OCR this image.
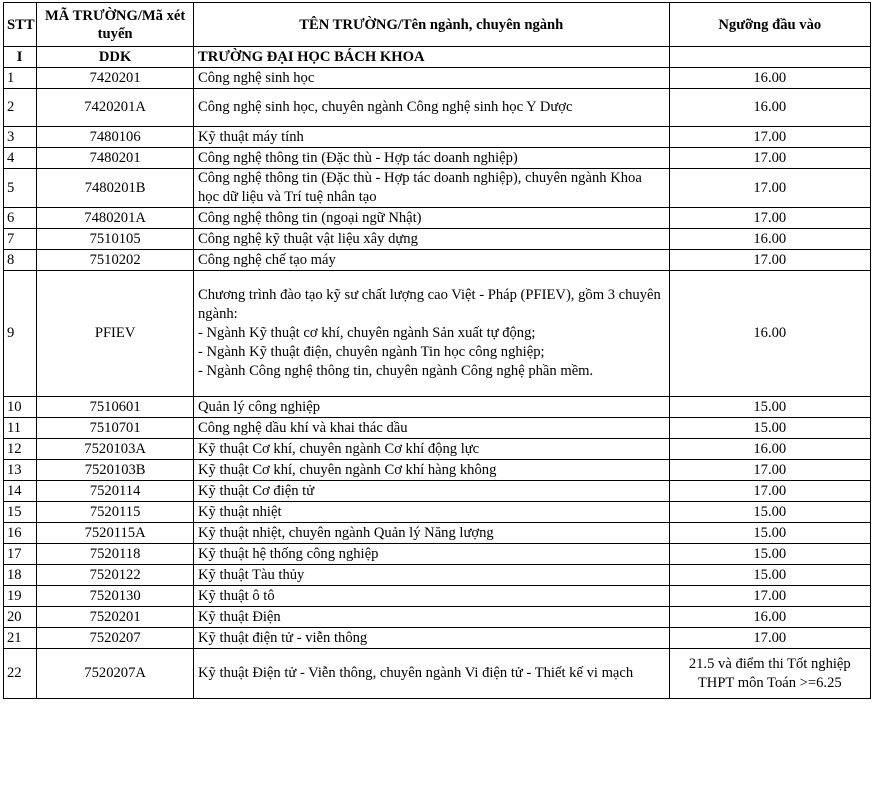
STT	MÃ TRƯỜNG/Mã xét tuyển	TÊN TRƯỜNG/Tên ngành, chuyên ngành	Ngưỡng đầu vào
I	DDK	TRƯỜNG ĐẠI HỌC BÁCH KHOA	
1	7420201	Công nghệ sinh học	16.00
2	7420201A	Công nghệ sinh học, chuyên ngành Công nghệ sinh học Y Dược	16.00
3	7480106	Kỹ thuật máy tính	17.00
4	7480201	Công nghệ thông tin (Đặc thù - Hợp tác doanh nghiệp)	17.00
5	7480201B	Công nghệ thông tin (Đặc thù - Hợp tác doanh nghiệp), chuyên ngành Khoa học dữ liệu và Trí tuệ nhân tạo	17.00
6	7480201A	Công nghệ thông tin (ngoại ngữ Nhật)	17.00
7	7510105	Công nghệ kỹ thuật vật liệu xây dựng	16.00
8	7510202	Công nghệ chế tạo máy	17.00
9	PFIEV	Chương trình đào tạo kỹ sư chất lượng cao Việt - Pháp (PFIEV), gồm 3 chuyên ngành:
- Ngành Kỹ thuật cơ khí, chuyên ngành Sản xuất tự động;
- Ngành Kỹ thuật điện, chuyên ngành Tin học công nghiệp;
- Ngành Công nghệ thông tin, chuyên ngành Công nghệ phần mềm.	16.00
10	7510601	Quản lý công nghiệp	15.00
11	7510701	Công nghệ dầu khí và khai thác dầu	15.00
12	7520103A	Kỹ thuật Cơ khí, chuyên ngành Cơ khí động lực	16.00
13	7520103B	Kỹ thuật Cơ khí, chuyên ngành Cơ khí hàng không	17.00
14	7520114	Kỹ thuật Cơ điện tử	17.00
15	7520115	Kỹ thuật nhiệt	15.00
16	7520115A	Kỹ thuật nhiệt, chuyên ngành Quản lý Năng lượng	15.00
17	7520118	Kỹ thuật hệ thống công nghiệp	15.00
18	7520122	Kỹ thuật Tàu thủy	15.00
19	7520130	Kỹ thuật ô tô	17.00
20	7520201	Kỹ thuật Điện	16.00
21	7520207	Kỹ thuật điện tử - viễn thông	17.00
22	7520207A	Kỹ thuật Điện tử - Viễn thông, chuyên ngành Vi điện tử - Thiết kế vi mạch	21.5 và điểm thi Tốt nghiệp THPT môn Toán >=6.25
